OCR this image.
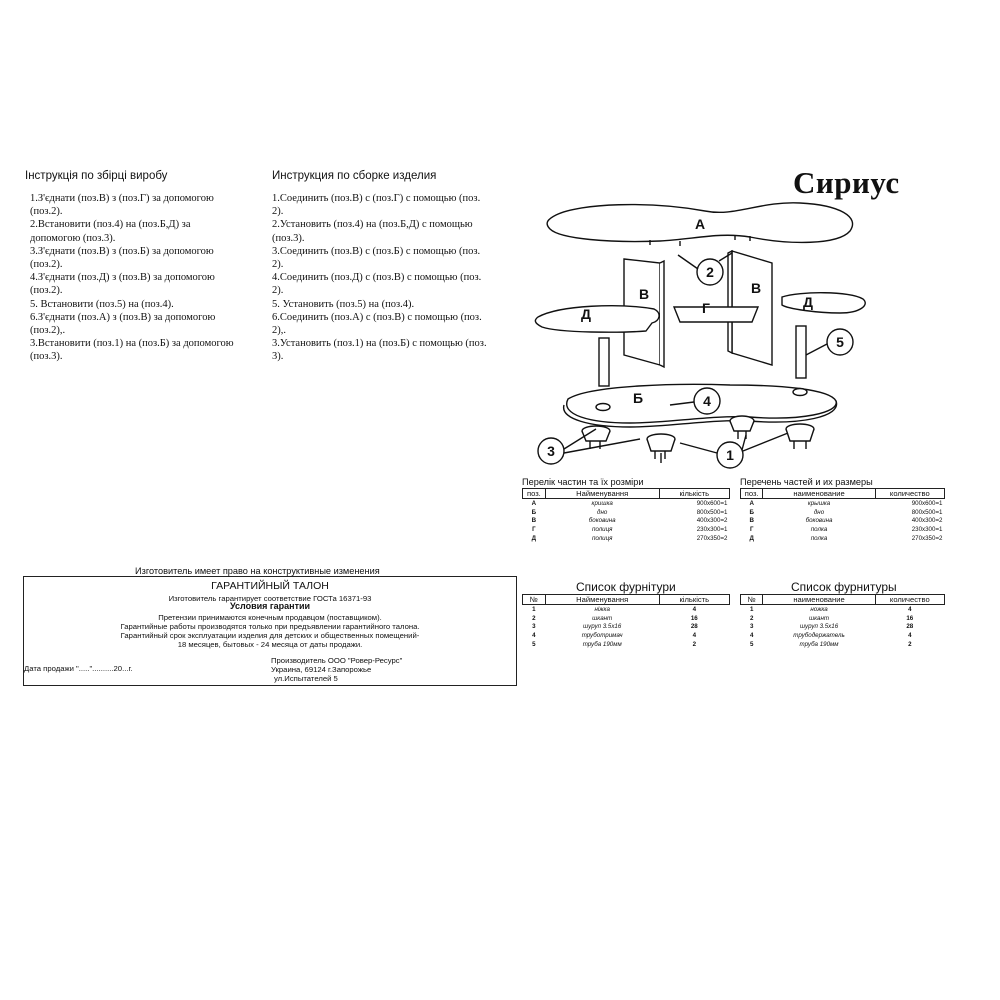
Інструкція по збірці виробу
1.З'єднати (поз.В) з (поз.Г) за допомогою
(поз.2).
2.Встановити (поз.4) на (поз.Б,Д) за
допомогою (поз.3).
3.З'єднати (поз.В) з (поз.Б) за допомогою
(поз.2).
4.З'єднати (поз.Д) з (поз.В) за допомогою
(поз.2).
5. Встановити (поз.5) на (поз.4).
6.З'єднати (поз.А) з (поз.В) за допомогою
(поз.2),.
3.Встановити (поз.1) на (поз.Б) за допомогою
(поз.3).
Инструкция по сборке изделия
1.Соединить (поз.В) с (поз.Г) с помощью (поз.
2).
2.Установить (поз.4) на (поз.Б,Д) с помощью
(поз.3).
3.Соединить (поз.В) с (поз.Б) с помощью (поз.
2).
4.Соединить (поз.Д) с (поз.В) с помощью (поз.
2).
5. Установить (поз.5) на (поз.4).
6.Соединить (поз.А) с (поз.В) с помощью (поз.
2),.
3.Установить (поз.1) на (поз.Б) с помощью (поз.
3).
Сириус
А
В	В
Г
Д
Д
Б
2
4
5
3	1
Перелік частин та їх розміри
поз.	Найменування	кількість
А	кришка	900х600=1
Б	дно	800х500=1
В	боковина	400х300=2
Г	полиця	230х300=1
Д	полиця	270х350=2
Перечень частей и их размеры
поз.	наименование	количество
А	крышка	900х600=1
Б	дно	800х500=1
В	боковина	400х300=2
Г	полка	230х300=1
Д	полка	270х350=2
Список фурнітури
№	Найменування	кількість
1	ніжка	4
2	шкант	16
3	шуруп 3.5х16	28
4	труботримач	4
5	труба 190мм	2
Список фурнитуры
№	наименование	количество
1	ножка	4
2	шкант	16
3	шуруп 3.5х16	28
4	трубодержатель	4
5	труба 190мм	2
Изготовитель имеет право на конструктивные изменения
ГАРАНТИЙНЫЙ ТАЛОН
Изготовитель гарантирует соответствие ГОСТа 16371-93
Условия гарантии
Претензии принимаются конечным продавцом (поставщиком).
Гарантийные работы производятся только при предъявлении гарантийного талона.
Гарантийный срок эксплуатации изделия для детских и общественных помещений-
18 месяцев, бытовых - 24 месяца от даты продажи.
Дата продажи "....."..........20...г.
Производитель ООО "Ровер-Ресурс"
Украина, 69124 г.Запорожье
ул.Испытателей 5
